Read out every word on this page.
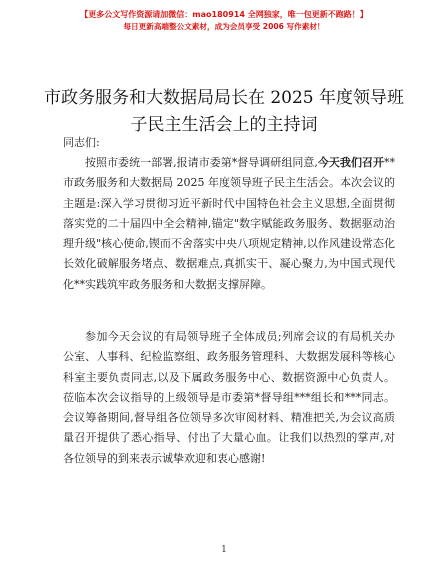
【更多公文写作资源请加微信：mao180914 全网独家，唯一包更新不跑路！】
每日更新高端整公文素材，成为会员享受 2006 写作素材！
市政务服务和大数据局局长在 2025 年度领导班子民主生活会上的主持词
同志们:
按照市委统一部署,报请市委第*督导调研组同意,今天我们召开**市政务服务和大数据局 2025 年度领导班子民主生活会。本次会议的主题是:深入学习贯彻习近平新时代中国特色社会主义思想,全面贯彻落实党的二十届四中全会精神,锚定"数字赋能政务服务、数据驱动治理升级"核心使命,锲而不舍落实中央八项规定精神,以作风建设常态化长效化破解服务堵点、数据难点,真抓实干、凝心聚力,为中国式现代化**实践筑牢政务服务和大数据支撑屏障。
参加今天会议的有局领导班子全体成员;列席会议的有局机关办公室、人事科、纪检监察组、政务服务管理科、大数据发展科等核心科室主要负责同志,以及下属政务服务中心、数据资源中心负责人。莅临本次会议指导的上级领导是市委第*督导组***组长和***同志。会议筹备期间,督导组各位领导多次审阅材料、精准把关,为会议高质量召开提供了悉心指导、付出了大量心血。让我们以热烈的掌声,对各位领导的到来表示诚挚欢迎和衷心感谢!
1
